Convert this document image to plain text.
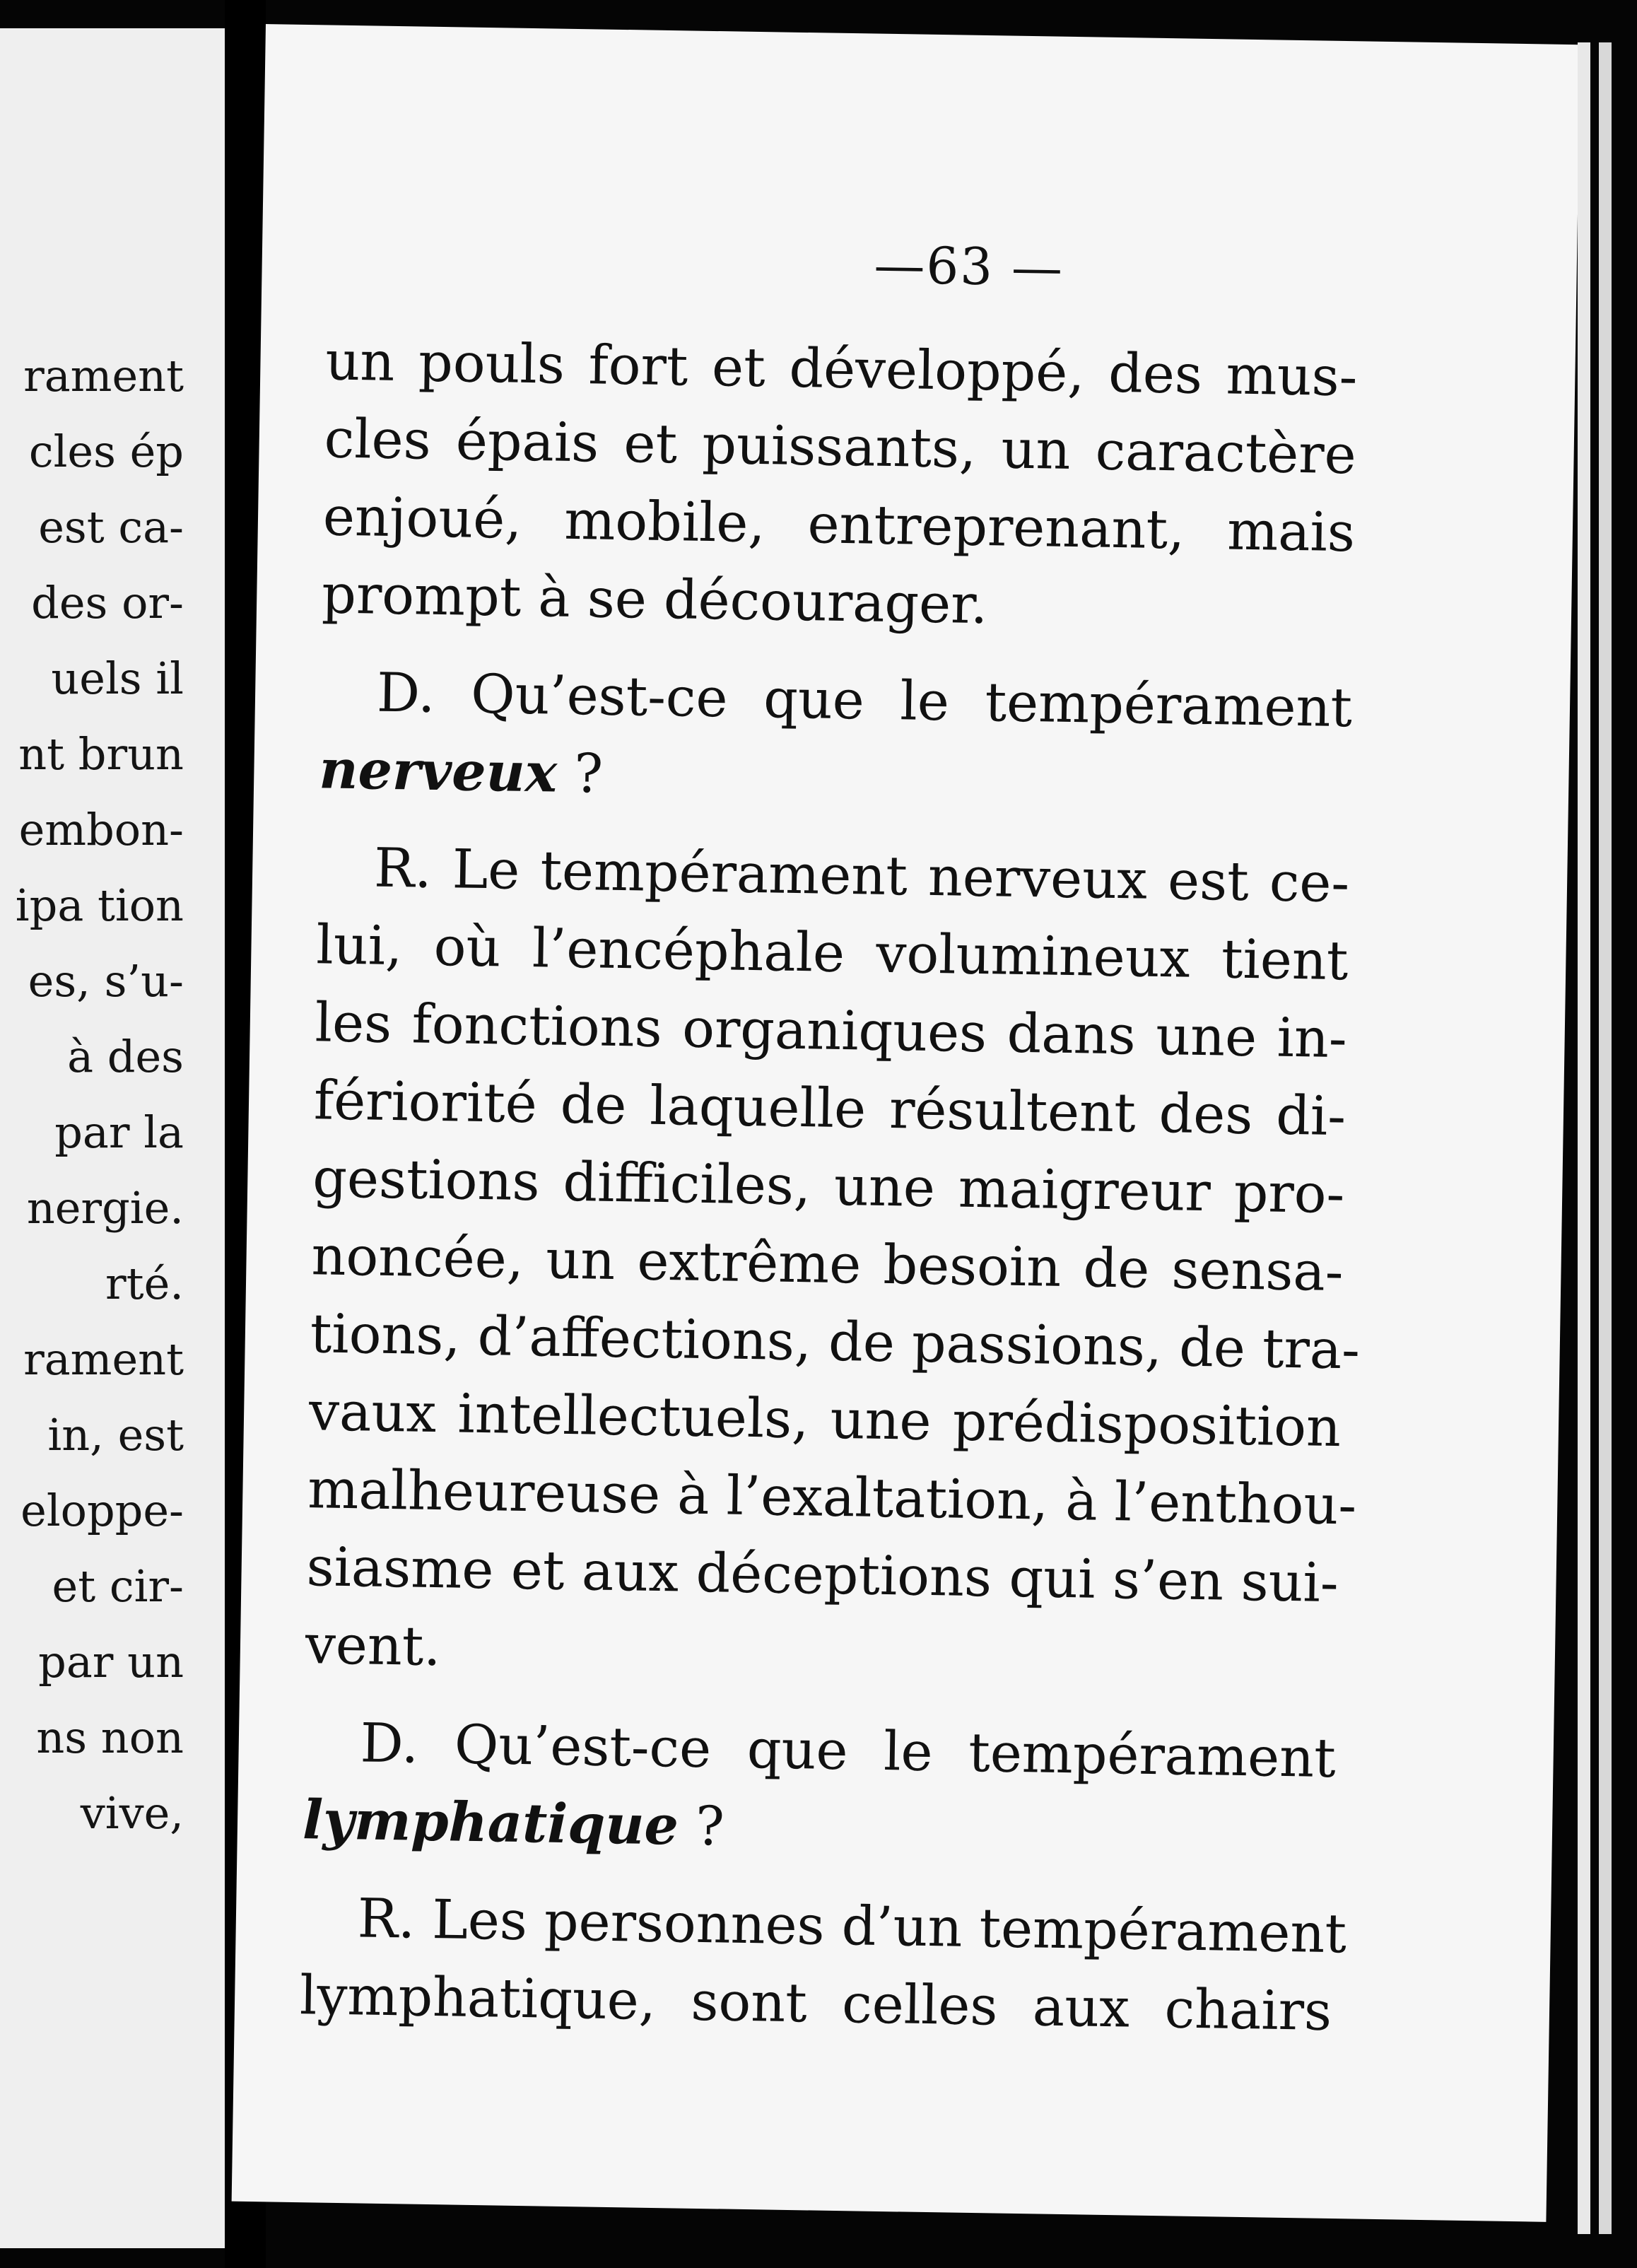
rament
cles ép
est ca-
des or-
uels il
nt brun
embon-
ipa tion
es, s’u-
à des
par la
nergie.
rté.
rament
in, est
eloppe-
et cir-
par un
ns non
vive,
—63 —
un pouls fort et développé, des mus-
cles épais et puissants, un caractère
enjoué, mobile, entreprenant, mais
prompt à se décourager.
D. Qu’est-ce que le tempérament
nerveux ?
R. Le tempérament nerveux est ce-
lui, où l’encéphale volumineux tient
les fonctions organiques dans une in-
fériorité de laquelle résultent des di-
gestions difficiles, une maigreur pro-
noncée, un extrême besoin de sensa-
tions, d’affections, de passions, de tra-
vaux intellectuels, une prédisposition
malheureuse à l’exaltation, à l’enthou-
siasme et aux déceptions qui s’en sui-
vent.
D. Qu’est-ce que le tempérament
lymphatique ?
R. Les personnes d’un tempérament
lymphatique, sont celles aux chairs
